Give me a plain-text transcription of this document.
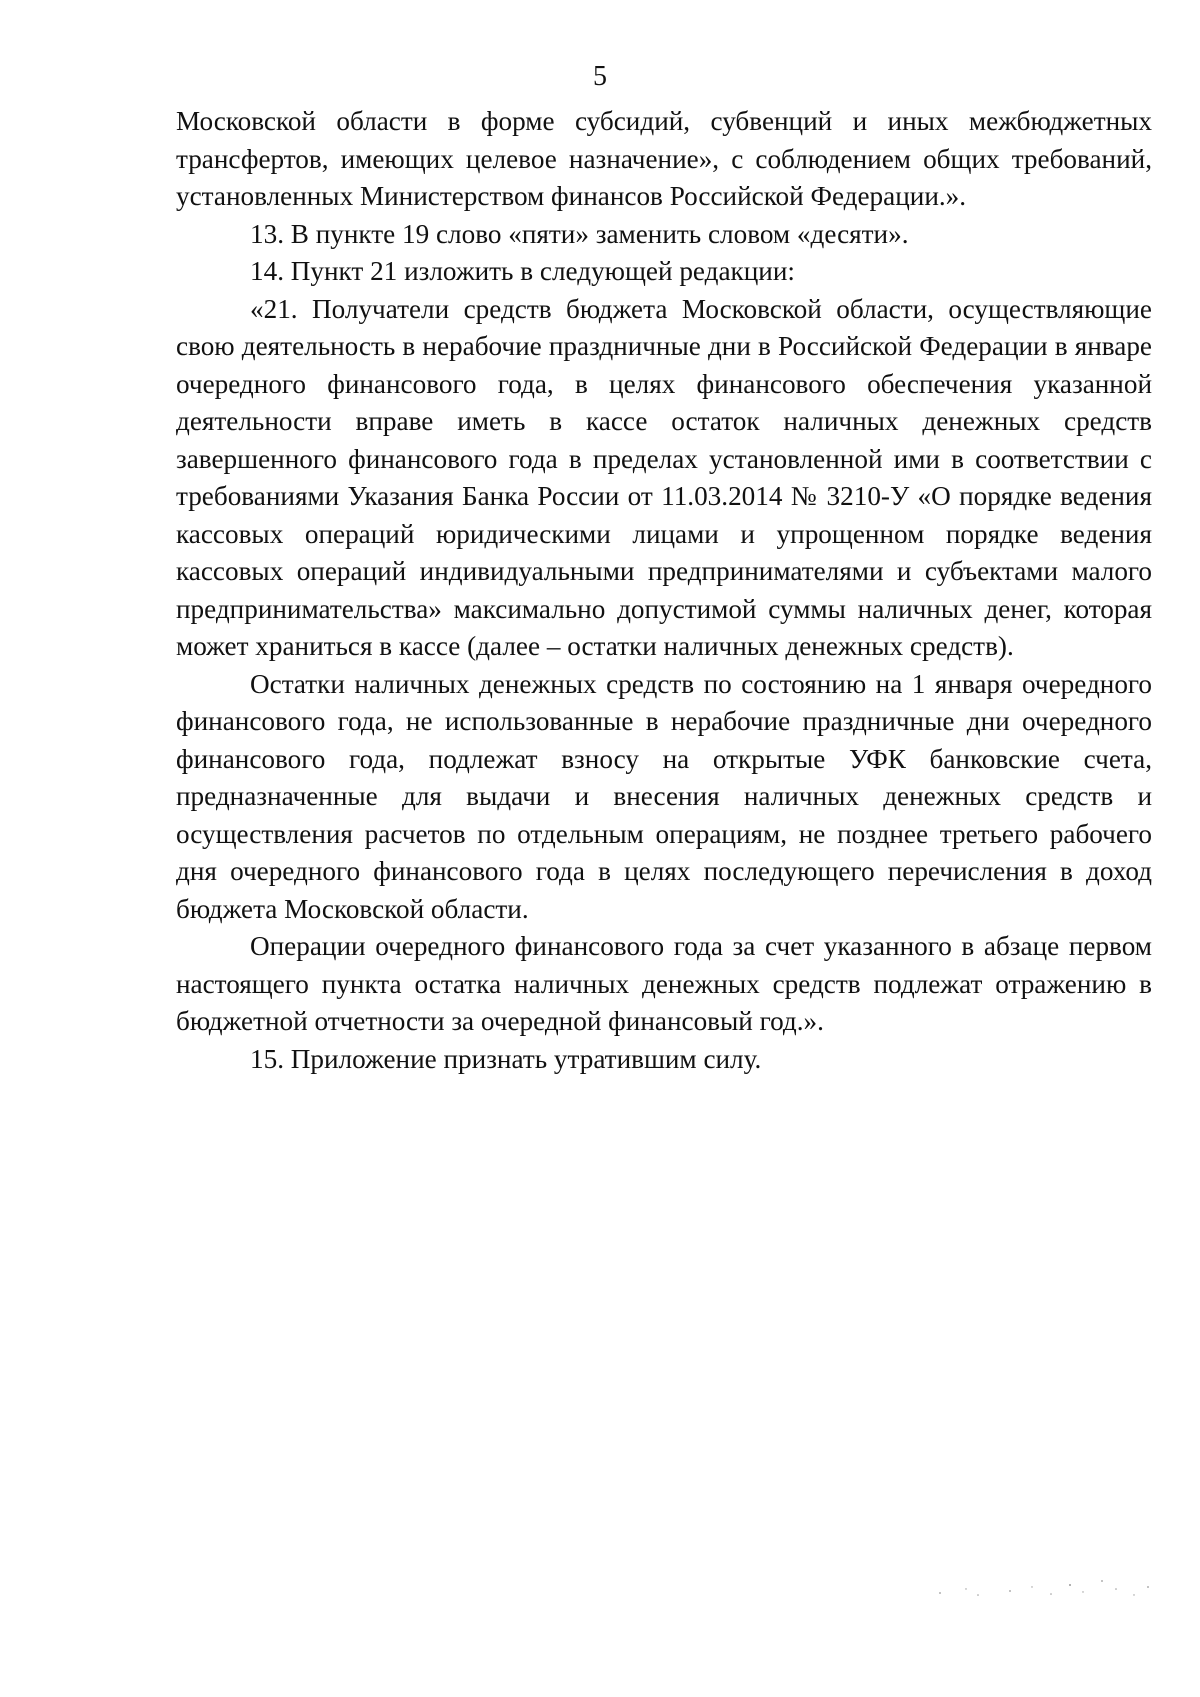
5

Московской области в форме субсидий, субвенций и иных межбюджетных трансфертов, имеющих целевое назначение», с соблюдением общих требований, установленных Министерством финансов Российской Федерации.».

13. В пункте 19 слово «пяти» заменить словом «десяти».

14. Пункт 21 изложить в следующей редакции:

«21. Получатели средств бюджета Московской области, осуществляющие свою деятельность в нерабочие праздничные дни в Российской Федерации в январе очередного финансового года, в целях финансового обеспечения указанной деятельности вправе иметь в кассе остаток наличных денежных средств завершенного финансового года в пределах установленной ими в соответствии с требованиями Указания Банка России от 11.03.2014 № 3210-У «О порядке ведения кассовых операций юридическими лицами и упрощенном порядке ведения кассовых операций индивидуальными предпринимателями и субъектами малого предпринимательства» максимально допустимой суммы наличных денег, которая может храниться в кассе (далее – остатки наличных денежных средств).

Остатки наличных денежных средств по состоянию на 1 января очередного финансового года, не использованные в нерабочие праздничные дни очередного финансового года, подлежат взносу на открытые УФК банковские счета, предназначенные для выдачи и внесения наличных денежных средств и осуществления расчетов по отдельным операциям, не позднее третьего рабочего дня очередного финансового года в целях последующего перечисления в доход бюджета Московской области.

Операции очередного финансового года за счет указанного в абзаце первом настоящего пункта остатка наличных денежных средств подлежат отражению в бюджетной отчетности за очередной финансовый год.».

15. Приложение признать утратившим силу.
